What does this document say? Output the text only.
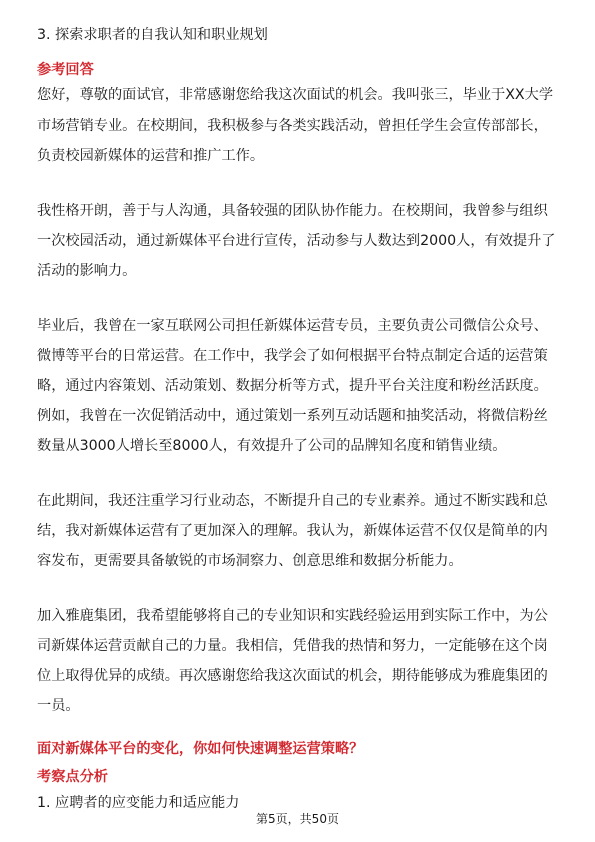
3. 探索求职者的自我认知和职业规划
参考回答
您好，尊敬的面试官，非常感谢您给我这次面试的机会。我叫张三，毕业于XX大学
市场营销专业。在校期间，我积极参与各类实践活动，曾担任学生会宣传部部长，
负责校园新媒体的运营和推广工作。
我性格开朗，善于与人沟通，具备较强的团队协作能力。在校期间，我曾参与组织
一次校园活动，通过新媒体平台进行宣传，活动参与人数达到2000人，有效提升了
活动的影响力。
毕业后，我曾在一家互联网公司担任新媒体运营专员，主要负责公司微信公众号、
微博等平台的日常运营。在工作中，我学会了如何根据平台特点制定合适的运营策
略，通过内容策划、活动策划、数据分析等方式，提升平台关注度和粉丝活跃度。
例如，我曾在一次促销活动中，通过策划一系列互动话题和抽奖活动，将微信粉丝
数量从3000人增长至8000人，有效提升了公司的品牌知名度和销售业绩。
在此期间，我还注重学习行业动态，不断提升自己的专业素养。通过不断实践和总
结，我对新媒体运营有了更加深入的理解。我认为，新媒体运营不仅仅是简单的内
容发布，更需要具备敏锐的市场洞察力、创意思维和数据分析能力。
加入雅鹿集团，我希望能够将自己的专业知识和实践经验运用到实际工作中，为公
司新媒体运营贡献自己的力量。我相信，凭借我的热情和努力，一定能够在这个岗
位上取得优异的成绩。再次感谢您给我这次面试的机会，期待能够成为雅鹿集团的
一员。
面对新媒体平台的变化，你如何快速调整运营策略？
考察点分析
1. 应聘者的应变能力和适应能力
第5页，共50页
